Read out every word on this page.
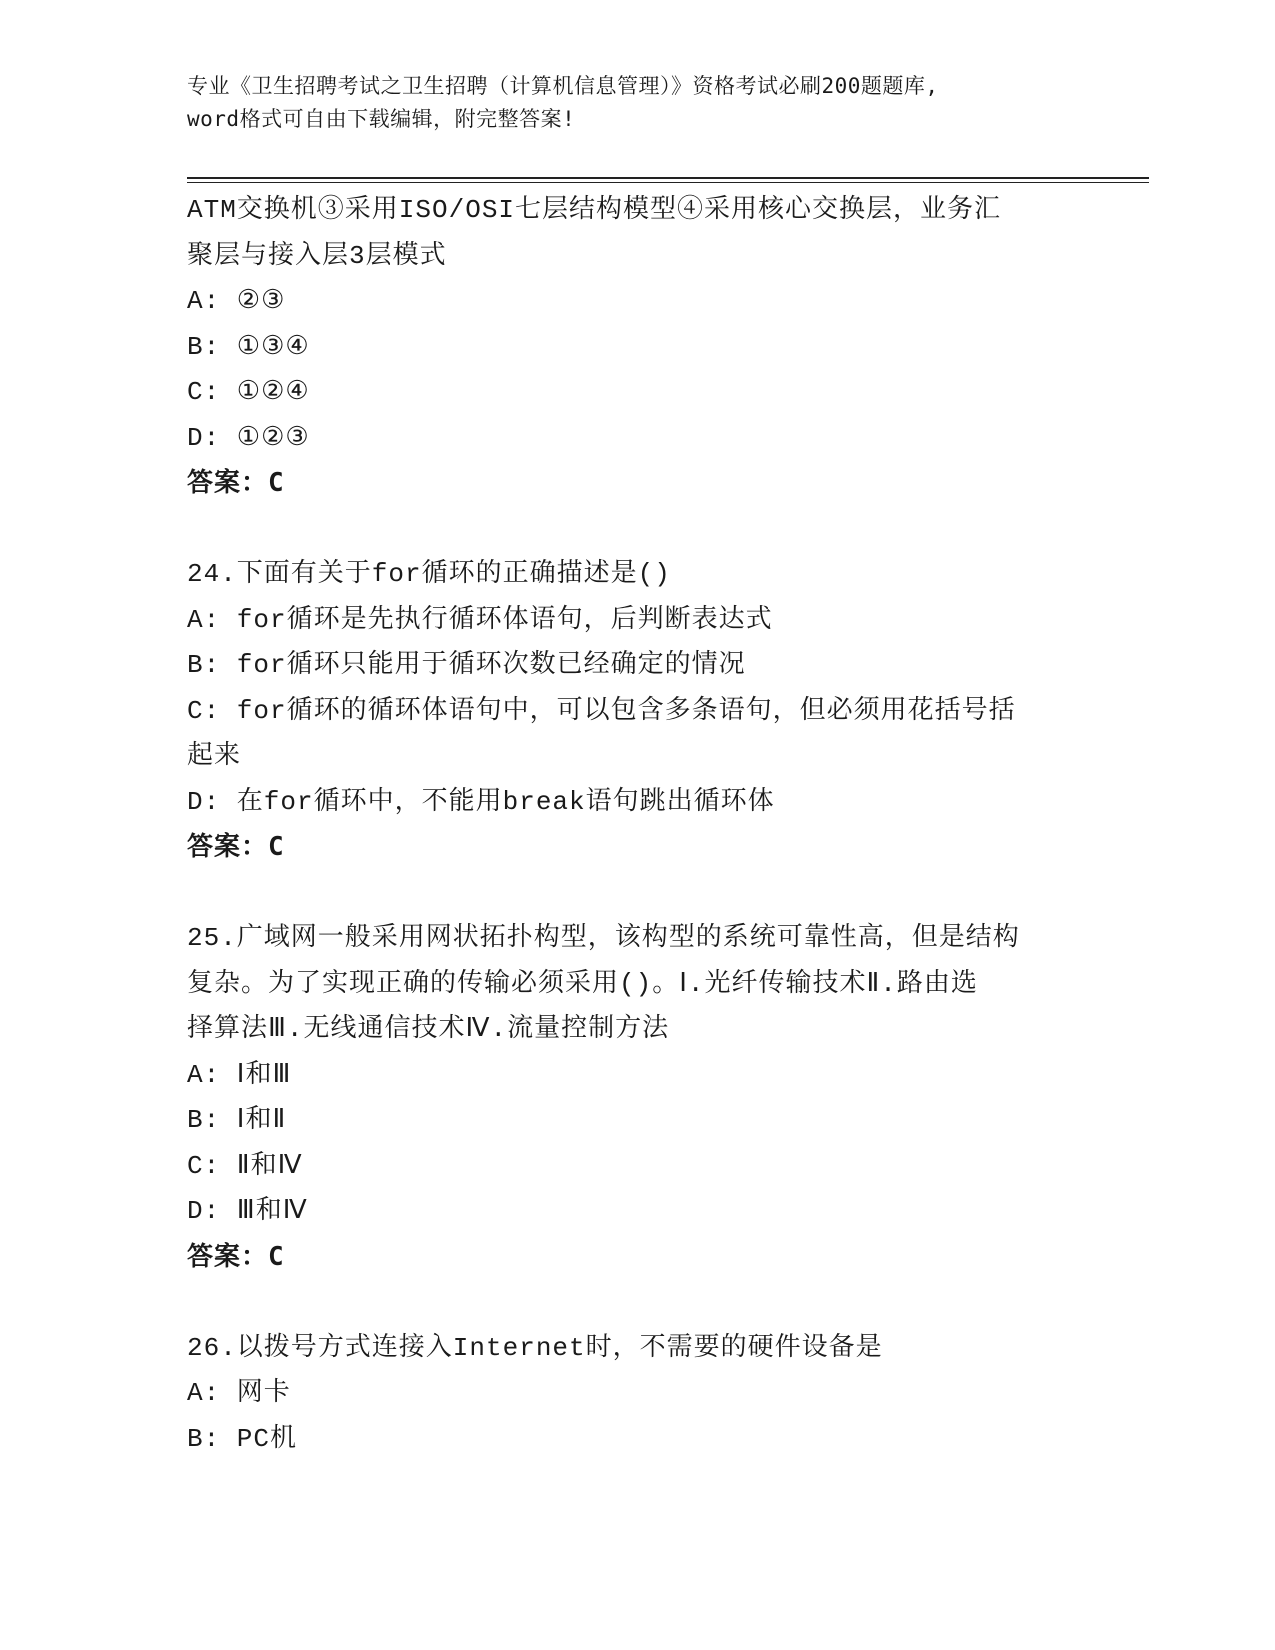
专业《卫生招聘考试之卫生招聘（计算机信息管理）》资格考试必刷200题题库,
word格式可自由下载编辑，附完整答案!
ATM交换机③采用ISO/OSI七层结构模型④采用核心交换层，业务汇
聚层与接入层3层模式
A: ②③
B: ①③④
C: ①②④
D: ①②③
答案：C
24.下面有关于for循环的正确描述是()
A: for循环是先执行循环体语句，后判断表达式
B: for循环只能用于循环次数已经确定的情况
C: for循环的循环体语句中，可以包含多条语句，但必须用花括号括
起来
D: 在for循环中，不能用break语句跳出循环体
答案：C
25.广域网一般采用网状拓扑构型，该构型的系统可靠性高，但是结构
复杂。为了实现正确的传输必须采用()。Ⅰ.光纤传输技术Ⅱ.路由选
择算法Ⅲ.无线通信技术Ⅳ.流量控制方法
A: Ⅰ和Ⅲ
B: Ⅰ和Ⅱ
C: Ⅱ和Ⅳ
D: Ⅲ和Ⅳ
答案：C
26.以拨号方式连接入Internet时，不需要的硬件设备是
A: 网卡
B: PC机
